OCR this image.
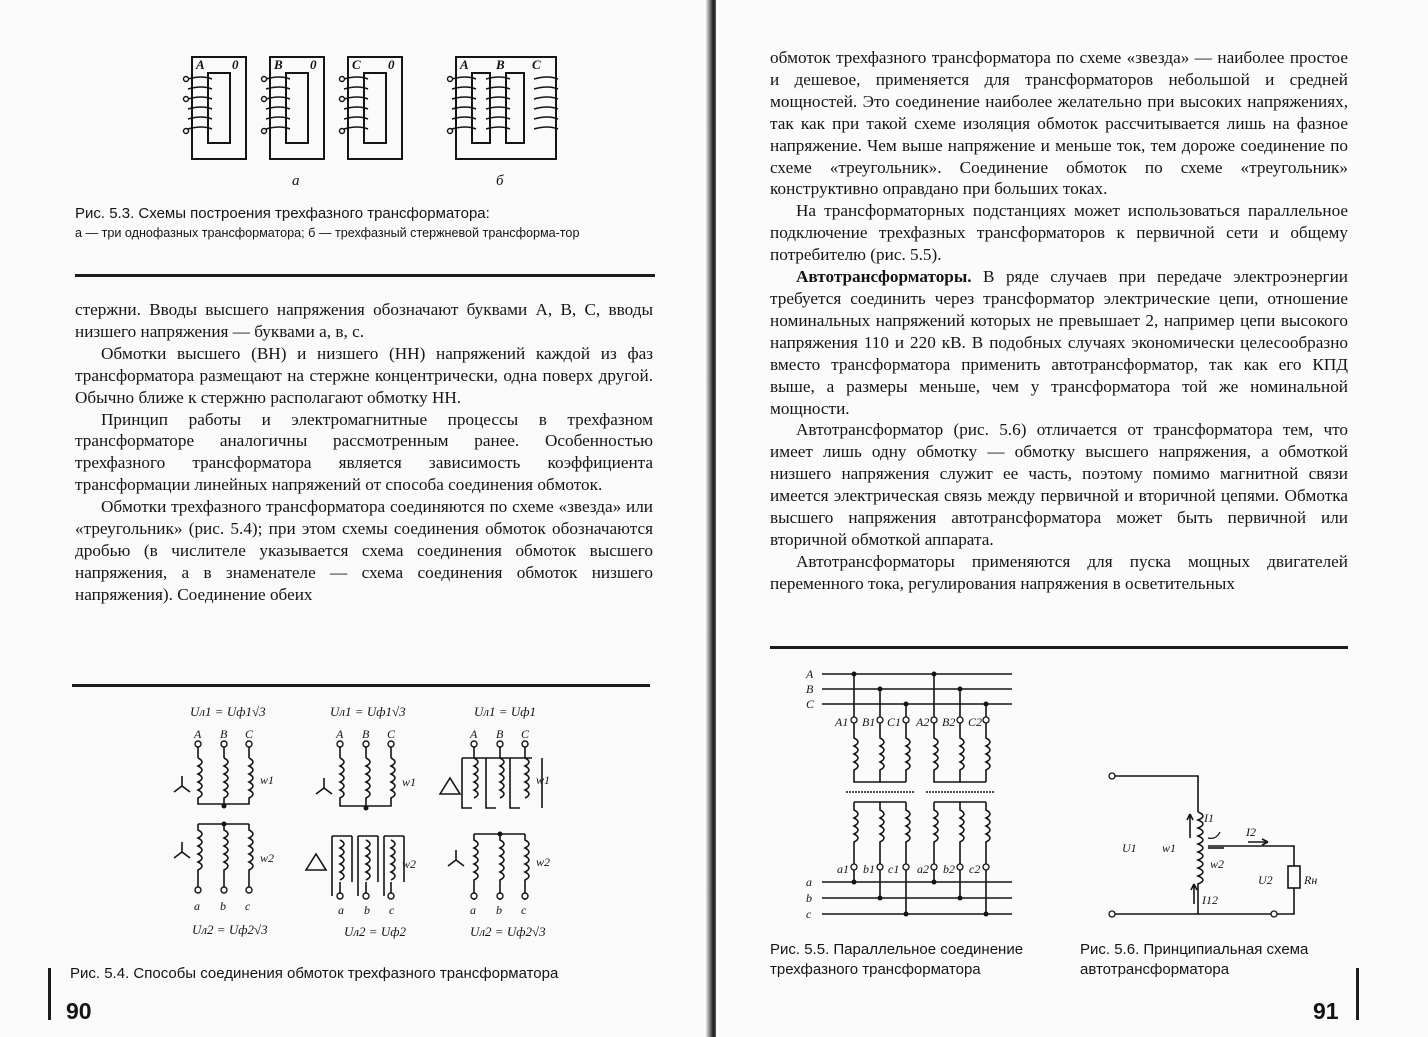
A 0	B 0	C 0	A B C
а	б
Рис. 5.3. Схемы построения трехфазного трансформатора:
а — три однофазных трансформатора; б — трехфазный стержневой трансформа-тор

стержни. Вводы высшего напряжения обозначают буквами A, B, C, вводы низшего напряжения — буквами a, в, c.

Обмотки высшего (ВН) и низшего (НН) напряжений каждой из фаз трансформатора размещают на стержне концентрически, одна поверх другой. Обычно ближе к стержню располагают обмотку НН.

Принцип работы и электромагнитные процессы в трехфазном трансформаторе аналогичны рассмотренным ранее. Особенностью трехфазного трансформатора является зависимость коэффициента трансформации линейных напряжений от способа соединения обмоток.

Обмотки трехфазного трансформатора соединяются по схеме «звезда» или «треугольник» (рис. 5.4); при этом схемы соединения обмоток обозначаются дробью (в числителе указывается схема соединения обмоток высшего напряжения, а в знаменателе — схема соединения обмоток низшего напряжения). Соединение обеих

Uл1 = Uф1√3	Uл1 = Uф1√3	Uл1 = Uф1
Uл2 = Uф2√3	Uл2 = Uф2	Uл2 = Uф2√3
A B C	A B C	A B C
a b c	a b c	a b c
w1	w1	w1
w2	w2	w2
Рис. 5.4. Способы соединения обмоток трехфазного трансформатора
90

обмоток трехфазного трансформатора по схеме «звезда» — наиболее простое и дешевое, применяется для трансформаторов небольшой и средней мощностей. Это соединение наиболее желательно при высоких напряжениях, так как при такой схеме изоляция обмоток рассчитывается лишь на фазное напряжение. Чем выше напряжение и меньше ток, тем дороже соединение по схеме «треугольник». Соединение обмоток по схеме «треугольник» конструктивно оправдано при больших токах.

На трансформаторных подстанциях может использоваться параллельное подключение трехфазных трансформаторов к первичной сети и общему потребителю (рис. 5.5).

Автотрансформаторы. В ряде случаев при передаче электроэнергии требуется соединить через трансформатор электрические цепи, отношение номинальных напряжений которых не превышает 2, например цепи высокого напряжения 110 и 220 кВ. В подобных случаях экономически целесообразно вместо трансформатора применить автотрансформатор, так как его КПД выше, а размеры меньше, чем у трансформатора той же номинальной мощности.

Автотрансформатор (рис. 5.6) отличается от трансформатора тем, что имеет лишь одну обмотку — обмотку высшего напряжения, а обмоткой низшего напряжения служит ее часть, поэтому помимо магнитной связи имеется электрическая связь между первичной и вторичной цепями. Обмотка высшего напряжения автотрансформатора может быть первичной или вторичной обмоткой аппарата.

Автотрансформаторы применяются для пуска мощных двигателей переменного тока, регулирования напряжения в осветительных

A
B
C
a
b
c
A1 B1 C1 A2 B2 C2
a1 b1 c1 a2 b2 c2
U1 w1
w2
I1
I2
I12
U2	Rн
Рис. 5.5. Параллельное соединение трехфазного трансформатора
Рис. 5.6. Принципиальная схема автотрансформатора
91
